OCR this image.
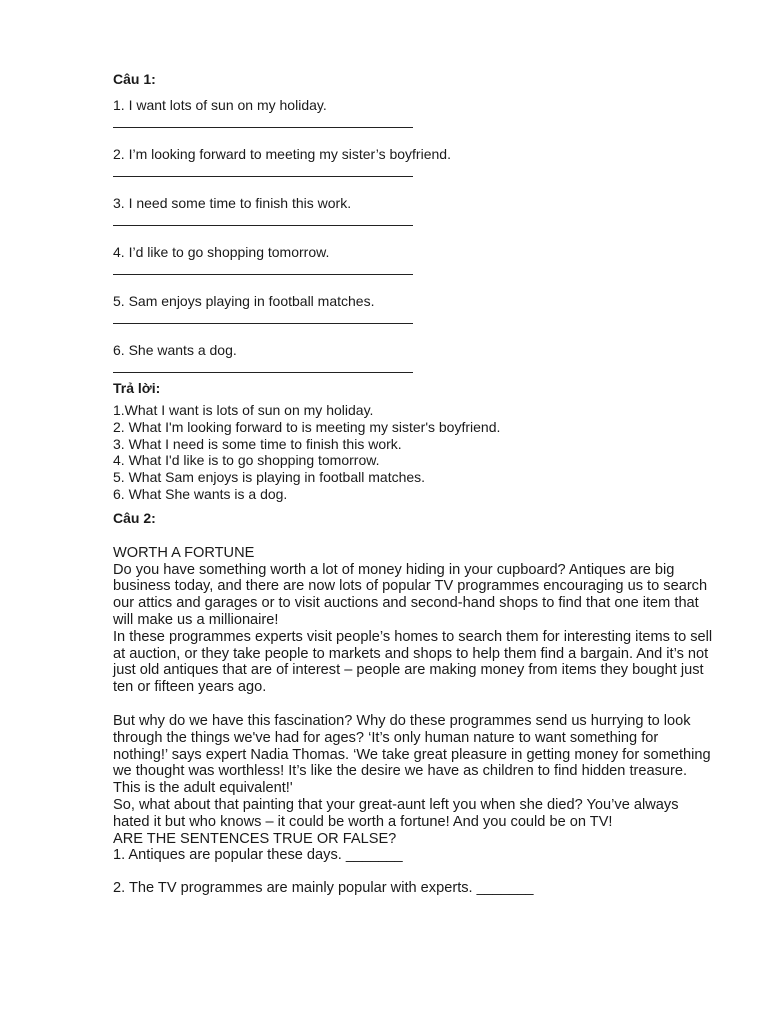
Câu 1:

1. I want lots of sun on my holiday.

2. I’m looking forward to meeting my sister’s boyfriend.

3. I need some time to finish this work.

4. I’d like to go shopping tomorrow.

5. Sam enjoys playing in football matches.

6. She wants a dog.

Trả lời:

1.What I want is lots of sun on my holiday.
2. What I'm looking forward to is meeting my sister's boyfriend.
3. What I need is some time to finish this work.
4. What I'd like is to go shopping tomorrow.
5. What Sam enjoys is playing in football matches.
6. What She wants is a dog.

Câu 2:

WORTH A FORTUNE

Do you have something worth a lot of money hiding in your cupboard? Antiques are big business today, and there are now lots of popular TV programmes encouraging us to search our attics and garages or to visit auctions and second-hand shops to find that one item that will make us a millionaire!

In these programmes experts visit people’s homes to search them for interesting items to sell at auction, or they take people to markets and shops to help them find a bargain. And it’s not just old antiques that are of interest – people are making money from items they bought just ten or fifteen years ago.

But why do we have this fascination? Why do these programmes send us hurrying to look through the things we've had for ages? ‘It’s only human nature to want something for nothing!’ says expert Nadia Thomas. ‘We take great pleasure in getting money for something we thought was worthless! It’s like the desire we have as children to find hidden treasure. This is the adult equivalent!'

So, what about that painting that your great-aunt left you when she died? You’ve always hated it but who knows – it could be worth a fortune! And you could be on TV!

ARE THE SENTENCES TRUE OR FALSE?

1. Antiques are popular these days. _______

2. The TV programmes are mainly popular with experts. _______
